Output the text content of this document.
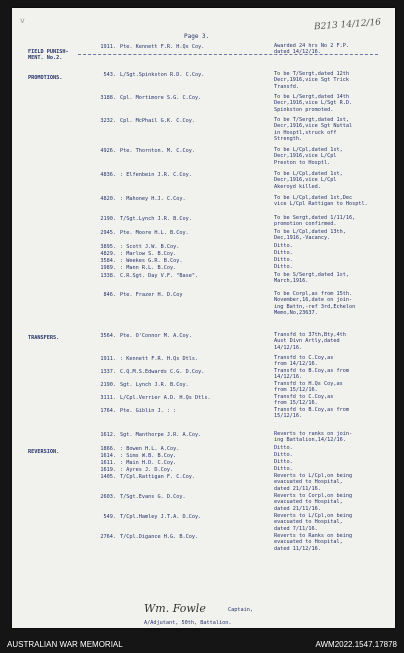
v	B213 14/12/16
Page 3.
FIELD PUNISH-
MENT. No.2.
PROMOTIONS.
TRANSFERS.
REVERSION.
1911. Pte. Kennett F.R. H.Qs Coy.	Awarded 24 hrs No 2 F.P.
dated 14/12/16.
543. L/Sgt.Spinkston R.D. C.Coy.	To be T/Sergt,dated 12th
Decr,1916,vice Sgt Trick
Transfd.
3188. Cpl. Mortimore S.G. C.Coy.	To be L/Sergt,dated 14th
Decr,1916,vice L/Sgt R.D.
Spinkston promoted.
3232. Cpl. McPhail G.K. C.Coy.	To be T/Sergt,dated 1st,
Decr,1916,vice Sgt Nuttal
in Hosptl,struck off
Strength.
4926. Pte. Thornton. M. C.Coy.	To be L/Cpl,dated 1st,
Decr,1916,vice L/Cpl
Preston to Hosptl.
4836. : Elfenbein J.R. C.Coy.	To be L/Cpl,dated 1st,
Decr,1916,vice L/Cpl
Akeroyd killed.
4820. : Mahoney H.J. C.Coy.	To be L/Cpl,dated 1st,Dec
vice L/Cpl Rattigan to Hosptl.
2190. T/Sgt.Lynch J.R. B.Coy.	To be Sergt,dated 1/11/16,
promotion confirmed.
2945. Pte. Moore H.L. B.Coy.	To be L/Cpl,dated 13th,
Dec,1916,-Vacancy.
3895. : Scott J.W. B.Coy.	Ditto.
4829. : Marlow S. B.Coy.	Ditto.
3584. : Weekes G.R. B.Coy.	Ditto.
1989. : Mann R.L. B.Coy.	Ditto.
1338. C.R.Sgt. Day V.F. "Base".	To be S/Sergt,dated 1st,
March,1916.
846. Pte. Frazer H. D.Coy	To be Corpl,as from 15th.
November,16,date on join-
ing Battn,-ref 3rd,Echelon
Memo,No,23637.
3564. Pte. O'Connor M. A.Coy.	Transfd to 37th,Bty,4th
Aust Divn Artly,dated
14/12/16.
1911. : Kennett F.R. H.Qs Dtls.	Transfd to C.Coy,as
from 14/12/16.
1337. C.Q.M.S.Edwards C.G. D.Coy.	Transfd to B.Coy,as from
14/12/16.
2190. Sgt. Lynch J.R. B.Coy.	Transfd to H.Qs Coy,as
from 15/12/16.
3111. L/Cpl.Verrier A.D. H.Qs Dtls.	Transfd to C.Coy,as
from 15/12/16.
1764. Pte. Giblin J. : :	Transfd to B.Coy,as from
15/12/16.
1612. Sgt. Manthorpe J.R. A.Coy.	Reverts to ranks on join-
ing Battalion,14/12/16.
1866. : Bowen H.L. A.Coy.	Ditto.
1614. : Sims W.B. B.Coy.	Ditto.
1611. : Main H.D. C.Coy.	Ditto.
1619. : Ayres J. D.Coy.	Ditto.
1405. T/Cpl.Rattigan F. C.Coy.	Reverts to L/Cpl,on being
evacuated to Hospital,
dated 21/11/16.
2603. T/Sgt.Evans G. D.Coy.	Reverts to Corpl,on being
evacuated to Hospital,
dated 21/11/16.
549. T/Cpl.Hamley J.T.A. D.Coy.	Reverts to L/Cpl,on being
evacuated to Hospital,
dated 7/11/16.
2764. T/Cpl.Digance H.G. B.Coy.	Reverts to Ranks on being
evacuated to Hospital,
dated 11/12/16.
Wm. Fowle	Captain,
A/Adjutant, 50th, Battalion.
AUSTRALIAN WAR MEMORIAL	AWM2022.1547.17878
